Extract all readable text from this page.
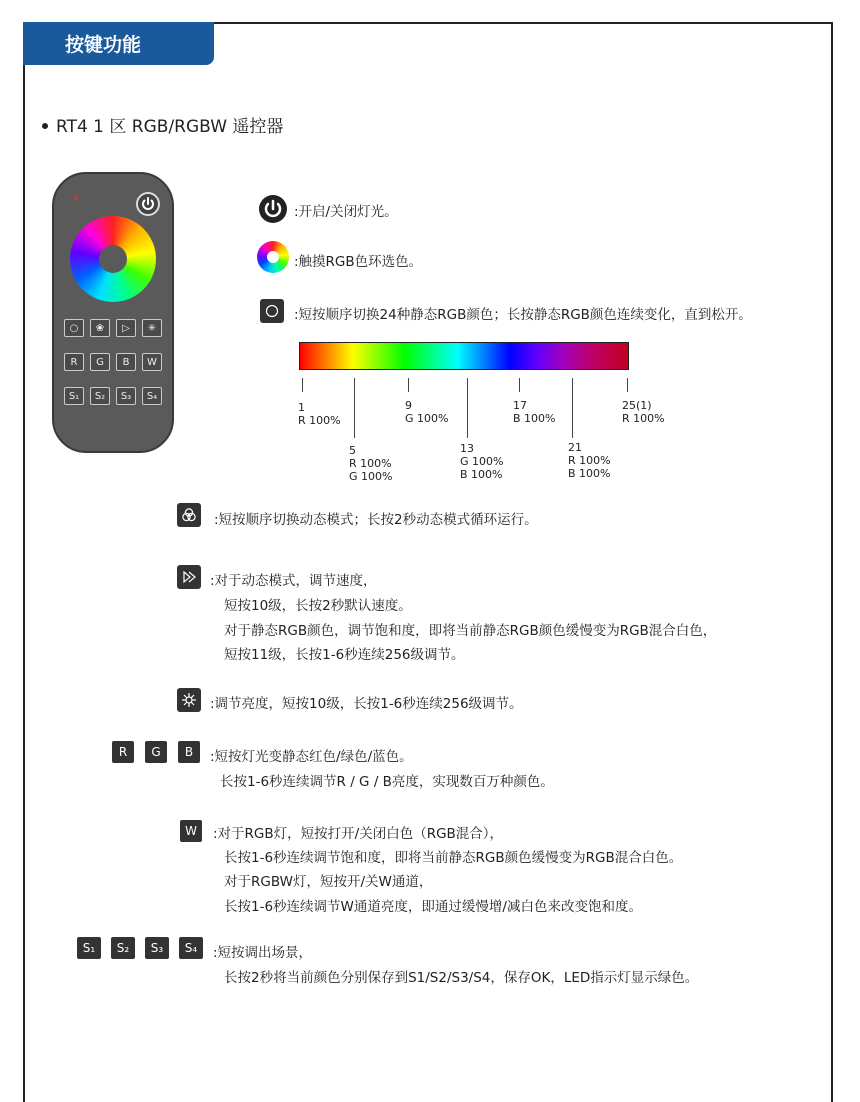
按键功能
RT4 1 区 RGB/RGBW 遥控器
○	❀	▷	✳
R	G	B	W
S₁	S₂	S₃	S₄
:开启/关闭灯光。
:触摸RGB色环选色。
:短按顺序切换24种静态RGB颜色；长按静态RGB颜色连续变化，直到松开。
1
R 100%
9
G 100%
17
B 100%
25(1)
R 100%
5
R 100%
G 100%
13
G 100%
B 100%
21
R 100%
B 100%
:短按顺序切换动态模式；长按2秒动态模式循环运行。
:对于动态模式，调节速度，
短按10级，长按2秒默认速度。
对于静态RGB颜色，调节饱和度，即将当前静态RGB颜色缓慢变为RGB混合白色，
短按11级，长按1-6秒连续256级调节。
:调节亮度，短按10级，长按1-6秒连续256级调节。
R	G	B	:短按灯光变静态红色/绿色/蓝色。
长按1-6秒连续调节R / G / B亮度，实现数百万种颜色。
W	:对于RGB灯，短按打开/关闭白色（RGB混合），
长按1-6秒连续调节饱和度，即将当前静态RGB颜色缓慢变为RGB混合白色。
对于RGBW灯，短按开/关W通道，
长按1-6秒连续调节W通道亮度，即通过缓慢增/减白色来改变饱和度。
S₁	S₂	S₃	S₄	:短按调出场景，
长按2秒将当前颜色分别保存到S1/S2/S3/S4，保存OK，LED指示灯显示绿色。
